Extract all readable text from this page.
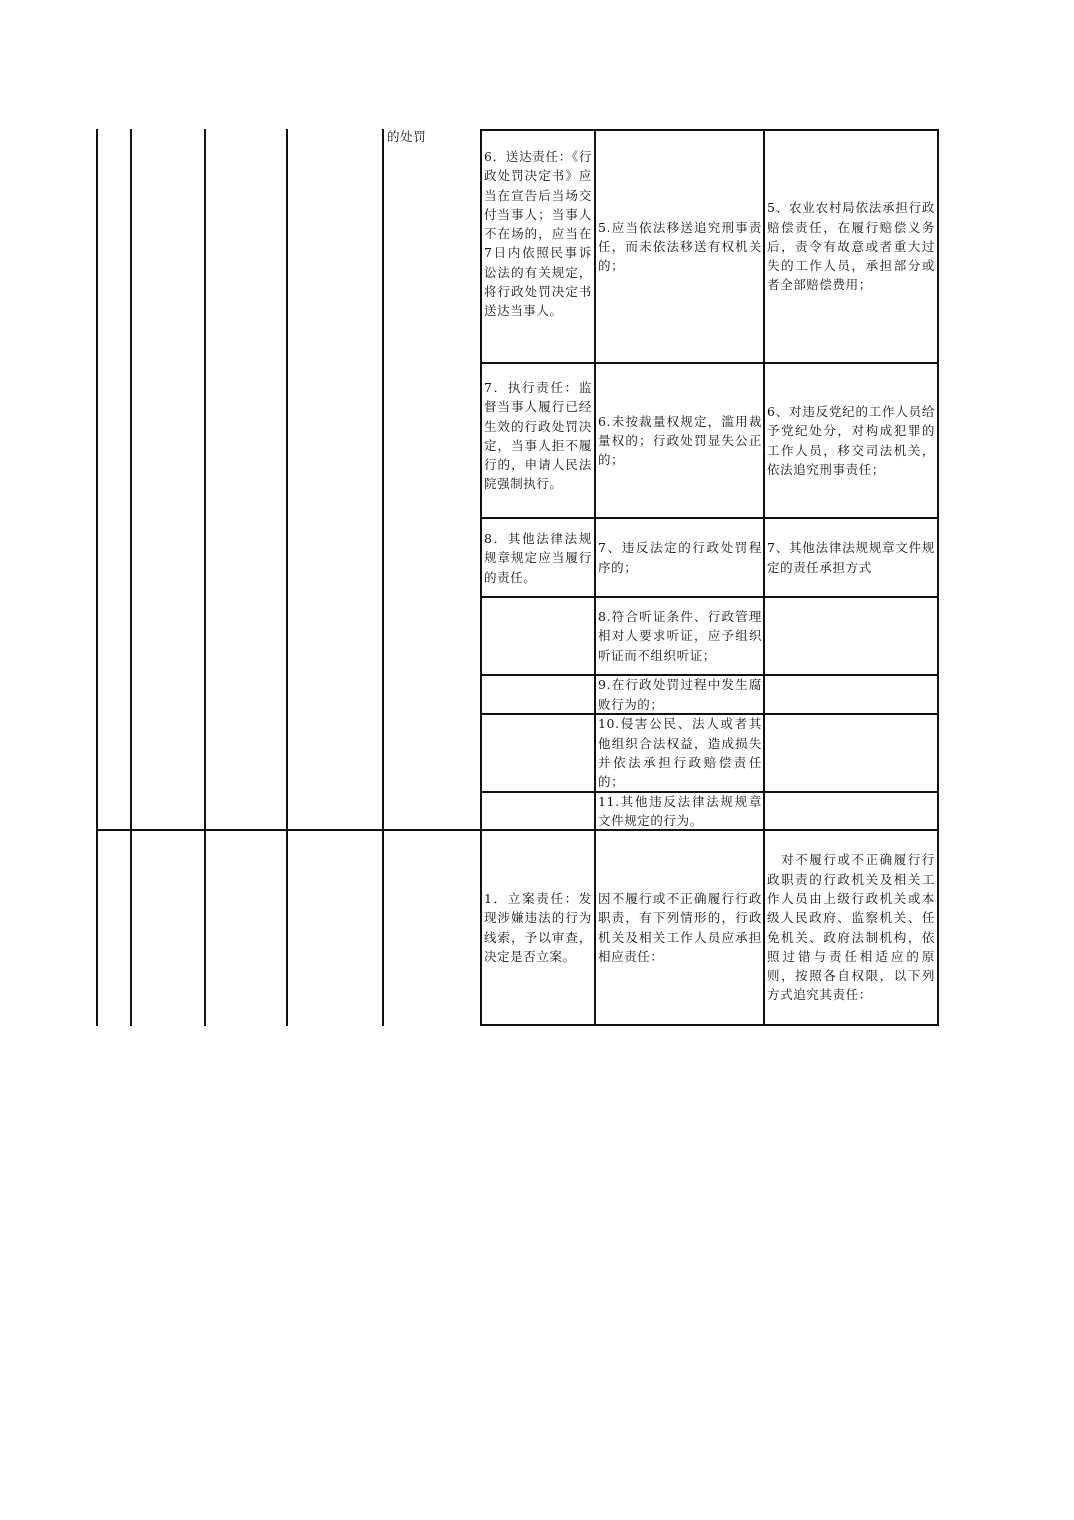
的处罚
6．送达责任：《行政处罚决定书》应当在宣告后当场交付当事人；当事人不在场的，应当在7日内依照民事诉讼法的有关规定，将行政处罚决定书送达当事人。
5.应当依法移送追究刑事责任，而未依法移送有权机关的；
5、农业农村局依法承担行政赔偿责任，在履行赔偿义务后，责令有故意或者重大过失的工作人员，承担部分或者全部赔偿费用；
7．执行责任：监督当事人履行已经生效的行政处罚决定，当事人拒不履行的，申请人民法院强制执行。
6.未按裁量权规定，滥用裁量权的；行政处罚显失公正的；
6、对违反党纪的工作人员给予党纪处分，对构成犯罪的工作人员，移交司法机关，依法追究刑事责任；
8．其他法律法规规章规定应当履行的责任。
7、违反法定的行政处罚程序的；
7、其他法律法规规章文件规定的责任承担方式
8.符合听证条件、行政管理相对人要求听证，应予组织听证而不组织听证；
9.在行政处罚过程中发生腐败行为的；
10.侵害公民、法人或者其他组织合法权益，造成损失并依法承担行政赔偿责任的；
11.其他违反法律法规规章文件规定的行为。
1．立案责任：发现涉嫌违法的行为线索，予以审查，决定是否立案。
因不履行或不正确履行行政职责，有下列情形的，行政机关及相关工作人员应承担相应责任：
　对不履行或不正确履行行政职责的行政机关及相关工作人员由上级行政机关或本级人民政府、监察机关、任免机关、政府法制机构，依照过错与责任相适应的原则，按照各自权限，以下列方式追究其责任：
